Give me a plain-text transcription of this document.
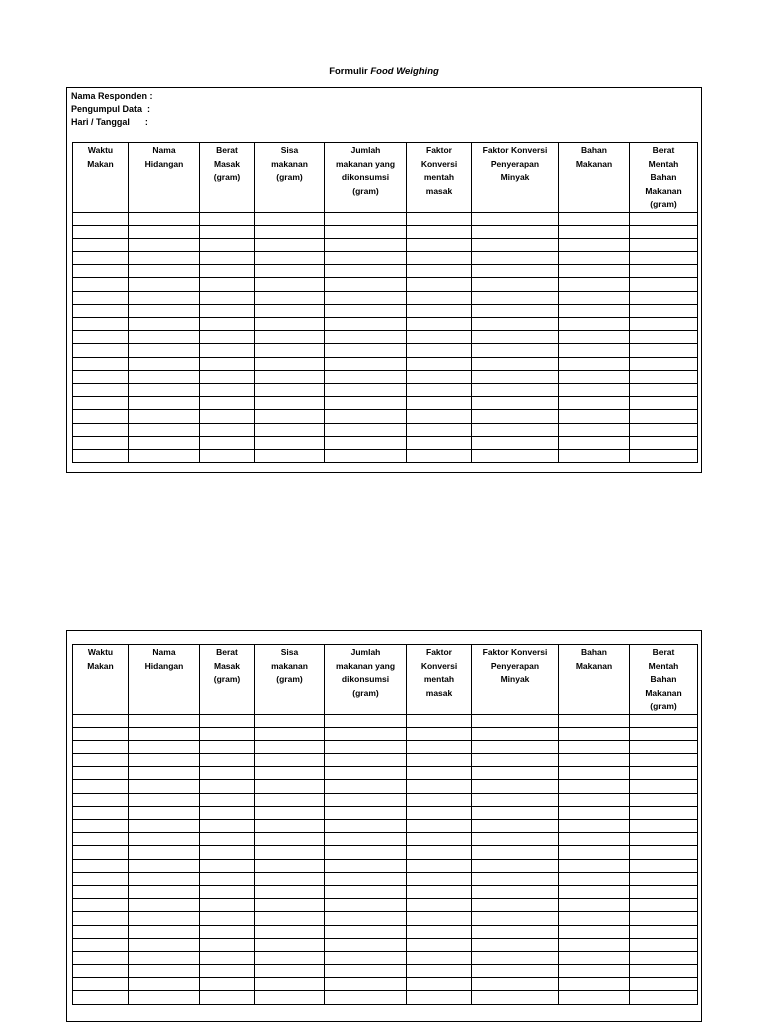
Formulir Food Weighing
Nama Responden :
Pengumpul Data  :
Hari / Tanggal      :
Waktu
Makan	Nama
Hidangan	Berat
Masak
(gram)	Sisa
makanan
(gram)	Jumlah
makanan yang
dikonsumsi
(gram)	Faktor
Konversi
mentah
masak	Faktor Konversi
Penyerapan
Minyak	Bahan
Makanan	Berat
Mentah
Bahan
Makanan
(gram)

Waktu
Makan	Nama
Hidangan	Berat
Masak
(gram)	Sisa
makanan
(gram)	Jumlah
makanan yang
dikonsumsi
(gram)	Faktor
Konversi
mentah
masak	Faktor Konversi
Penyerapan
Minyak	Bahan
Makanan	Berat
Mentah
Bahan
Makanan
(gram)
